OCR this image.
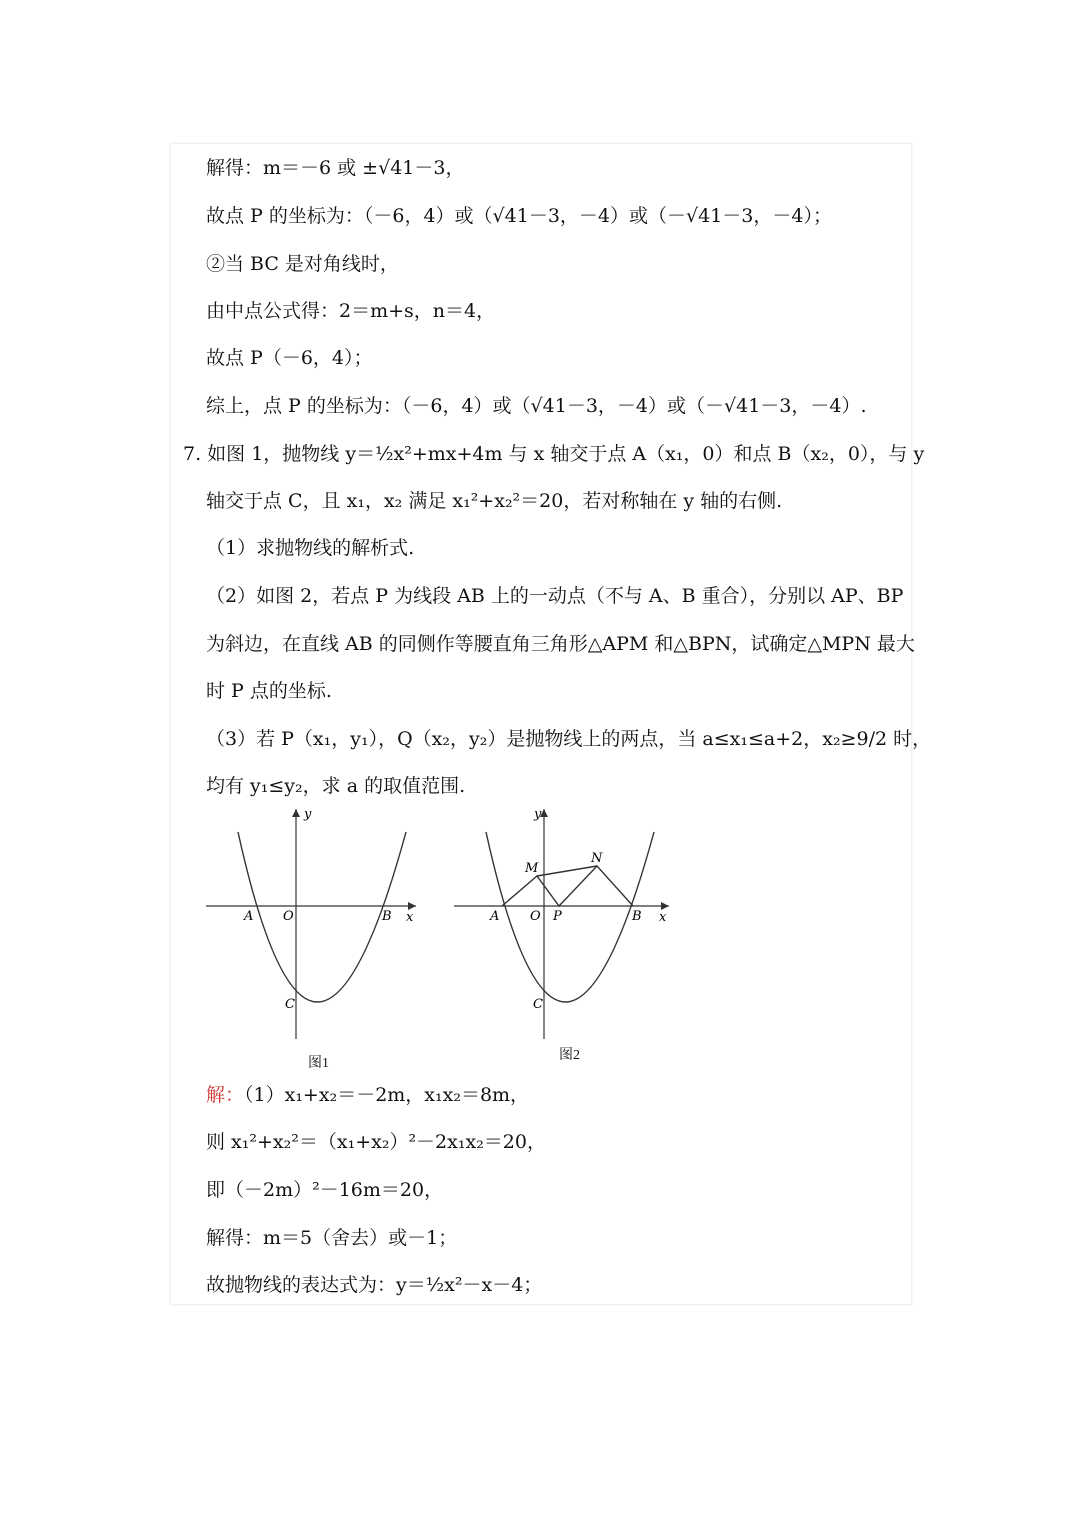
解得：m＝－6 或 ±√41－3，
故点 P 的坐标为：（－6，4）或（√41－3，－4）或（－√41－3，－4）；
②当 BC 是对角线时，
由中点公式得：2＝m+s，n＝4，
故点 P（－6，4）；
综上，点 P 的坐标为：（－6，4）或（√41－3，－4）或（－√41－3，－4）.
7. 如图 1，抛物线 y＝½x²+mx+4m 与 x 轴交于点 A（x₁，0）和点 B（x₂，0），与 y
轴交于点 C，且 x₁，x₂ 满足 x₁²+x₂²＝20，若对称轴在 y 轴的右侧.
（1）求抛物线的解析式.
（2）如图 2，若点 P 为线段 AB 上的一动点（不与 A、B 重合），分别以 AP、BP
为斜边，在直线 AB 的同侧作等腰直角三角形△APM 和△BPN，试确定△MPN 最大
时 P 点的坐标.
（3）若 P（x₁，y₁），Q（x₂，y₂）是抛物线上的两点，当 a≤x₁≤a+2，x₂≥9/2 时，
均有 y₁≤y₂，求 a 的取值范围.
y
x
A O	B
C
图1
y
x
A O P	B
C
M
N
图2
解：（1）x₁+x₂＝－2m，x₁x₂＝8m，
则 x₁²+x₂²＝（x₁+x₂）²－2x₁x₂＝20，
即（－2m）²－16m＝20，
解得：m＝5（舍去）或－1；
故抛物线的表达式为：y＝½x²－x－4；
